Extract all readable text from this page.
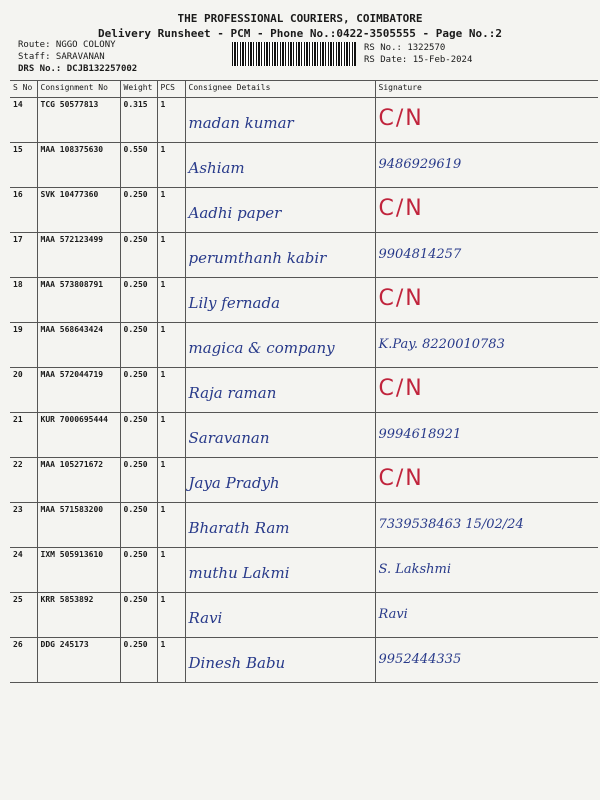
THE PROFESSIONAL COURIERS, COIMBATORE
Delivery Runsheet - PCM - Phone No.:0422-3505555 - Page No.:2
Route: NGGO COLONY
Staff: SARAVANAN
DRS No.: DCJB132257002
RS No.: 1322570
RS Date: 15-Feb-2024
S No	Consignment No	Weight	PCS	Consignee Details	Signature
14	TCG 50577813	0.315	1	madan kumar	C/N

15	MAA 108375630	0.550	1	Ashiam	9486929619

16	SVK 10477360	0.250	1	Aadhi paper	C/N

17	MAA 572123499	0.250	1	perumthanh kabir	9904814257

18	MAA 573808791	0.250	1	Lily fernada	C/N

19	MAA 568643424	0.250	1	magica & company	K.Pay. 8220010783

20	MAA 572044719	0.250	1	Raja raman	C/N

21	KUR 7000695444	0.250	1	Saravanan	9994618921

22	MAA 105271672	0.250	1	Jaya Pradyh	C/N

23	MAA 571583200	0.250	1	Bharath Ram	7339538463 15/02/24

24	IXM 505913610	0.250	1	muthu Lakmi	S. Lakshmi

25	KRR 5853892	0.250	1	Ravi	Ravi

26	DDG 245173	0.250	1	Dinesh Babu	9952444335
